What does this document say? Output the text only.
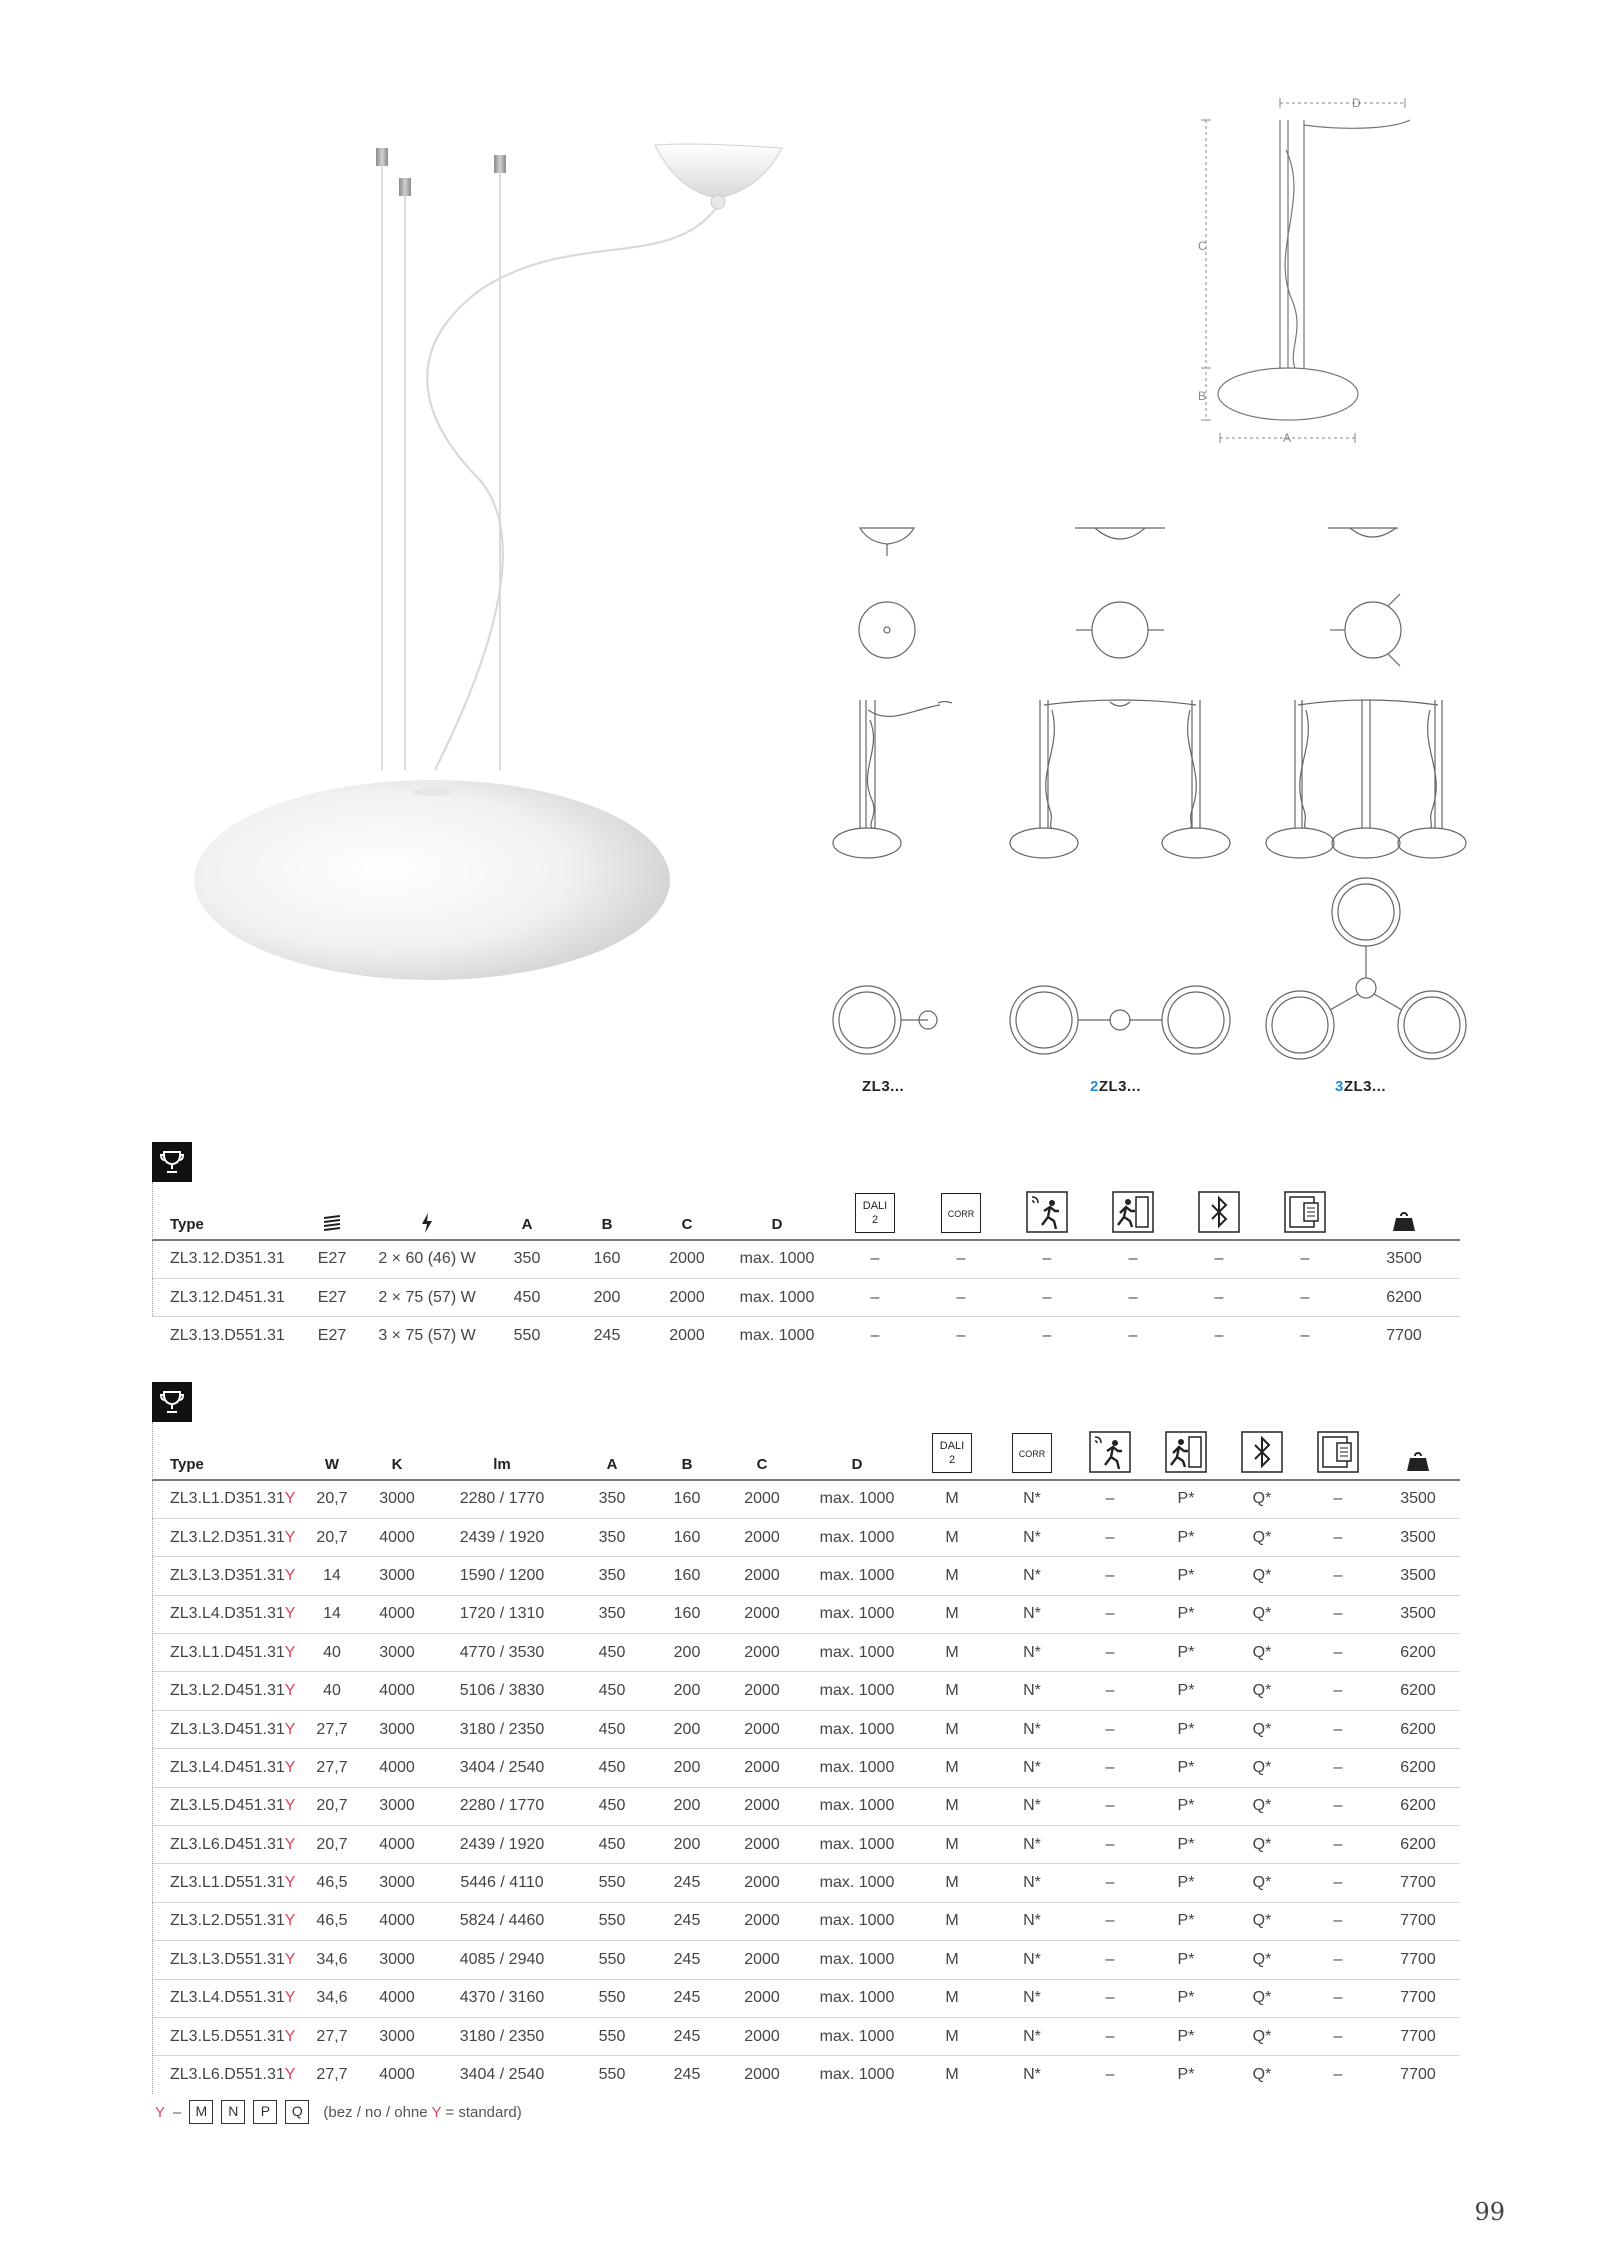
D
C
B
A
ZL3...	2ZL3...	3ZL3...
Type			A	B	C	D	DALI
2	CORR					
ZL3.12.D351.31	E27	2 × 60 (46) W	350	160	2000	max. 1000	–	–	–	–	–	–	3500
ZL3.12.D451.31	E27	2 × 75 (57) W	450	200	2000	max. 1000	–	–	–	–	–	–	6200
ZL3.13.D551.31	E27	3 × 75 (57) W	550	245	2000	max. 1000	–	–	–	–	–	–	7700
Type	W	K	lm	A	B	C	D	DALI
2	CORR					
ZL3.L1.D351.31Y	20,7	3000	2280 / 1770	350	160	2000	max. 1000	M	N*	–	P*	Q*	–	3500
ZL3.L2.D351.31Y	20,7	4000	2439 / 1920	350	160	2000	max. 1000	M	N*	–	P*	Q*	–	3500
ZL3.L3.D351.31Y	14	3000	1590 / 1200	350	160	2000	max. 1000	M	N*	–	P*	Q*	–	3500
ZL3.L4.D351.31Y	14	4000	1720 / 1310	350	160	2000	max. 1000	M	N*	–	P*	Q*	–	3500
ZL3.L1.D451.31Y	40	3000	4770 / 3530	450	200	2000	max. 1000	M	N*	–	P*	Q*	–	6200
ZL3.L2.D451.31Y	40	4000	5106 / 3830	450	200	2000	max. 1000	M	N*	–	P*	Q*	–	6200
ZL3.L3.D451.31Y	27,7	3000	3180 / 2350	450	200	2000	max. 1000	M	N*	–	P*	Q*	–	6200
ZL3.L4.D451.31Y	27,7	4000	3404 / 2540	450	200	2000	max. 1000	M	N*	–	P*	Q*	–	6200
ZL3.L5.D451.31Y	20,7	3000	2280 / 1770	450	200	2000	max. 1000	M	N*	–	P*	Q*	–	6200
ZL3.L6.D451.31Y	20,7	4000	2439 / 1920	450	200	2000	max. 1000	M	N*	–	P*	Q*	–	6200
ZL3.L1.D551.31Y	46,5	3000	5446 / 4110	550	245	2000	max. 1000	M	N*	–	P*	Q*	–	7700
ZL3.L2.D551.31Y	46,5	4000	5824 / 4460	550	245	2000	max. 1000	M	N*	–	P*	Q*	–	7700
ZL3.L3.D551.31Y	34,6	3000	4085 / 2940	550	245	2000	max. 1000	M	N*	–	P*	Q*	–	7700
ZL3.L4.D551.31Y	34,6	4000	4370 / 3160	550	245	2000	max. 1000	M	N*	–	P*	Q*	–	7700
ZL3.L5.D551.31Y	27,7	3000	3180 / 2350	550	245	2000	max. 1000	M	N*	–	P*	Q*	–	7700
ZL3.L6.D551.31Y	27,7	4000	3404 / 2540	550	245	2000	max. 1000	M	N*	–	P*	Q*	–	7700
Y –	M	N	P	Q	(bez / no / ohne Y = standard)
99
